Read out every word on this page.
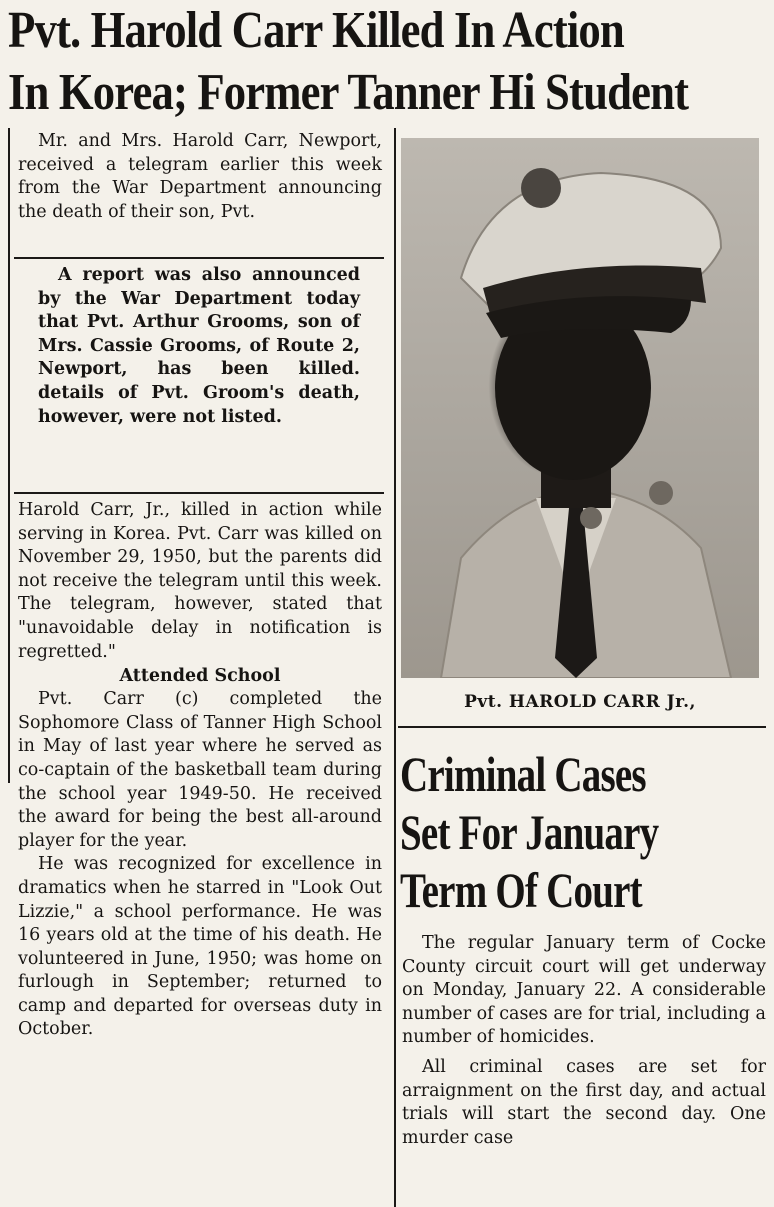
Pvt. Harold Carr Killed In Action
In Korea; Former Tanner Hi Student

Mr. and Mrs. Harold Carr, Newport, received a telegram earlier this week from the War Department announcing the death of their son, Pvt.

A report was also announced by the War Department today that Pvt. Arthur Grooms, son of Mrs. Cassie Grooms, of Route 2, Newport, has been killed. details of Pvt. Groom's death, however, were not listed.

Harold Carr, Jr., killed in action while serving in Korea. Pvt. Carr was killed on November 29, 1950, but the parents did not receive the telegram until this week. The telegram, however, stated that "unavoidable delay in notification is regretted."

Attended School

Pvt. Carr (c) completed the Sophomore Class of Tanner High School in May of last year where he served as co-captain of the basketball team during the school year 1949-50. He received the award for being the best all-around player for the year.

He was recognized for excellence in dramatics when he starred in "Look Out Lizzie," a school performance. He was 16 years old at the time of his death. He volunteered in June, 1950; was home on furlough in September; returned to camp and departed for overseas duty in October.

Pvt. HAROLD CARR Jr.,
Criminal Cases
Set For January
Term Of Court

The regular January term of Cocke County circuit court will get underway on Monday, January 22. A considerable number of cases are for trial, including a number of homicides.

All criminal cases are set for arraignment on the first day, and actual trials will start the second day. One murder case
